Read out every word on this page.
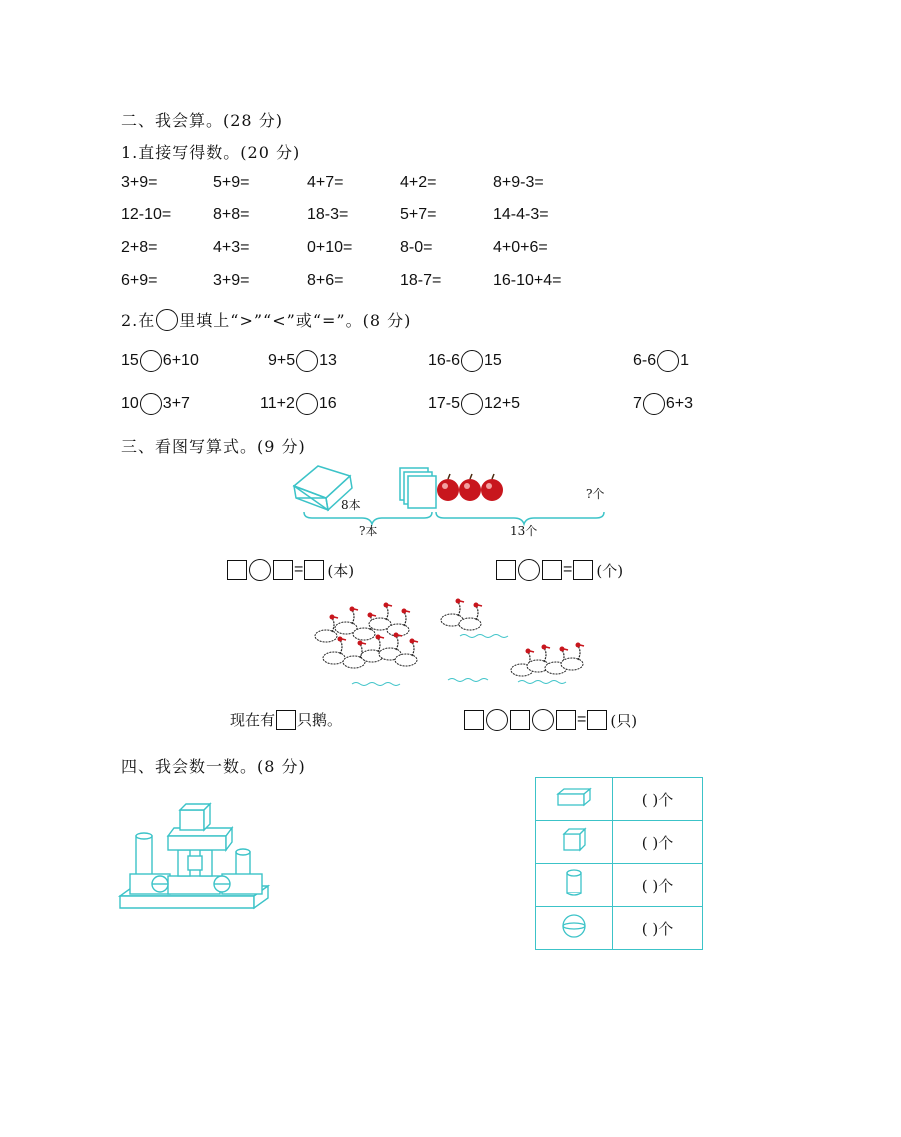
二、我会算。(28 分)
1.直接写得数。(20 分)
3+9=	5+9=	4+7=	4+2=	8+9-3=
12-10=	8+8=	18-3=	5+7=	14-4-3=
2+8=	4+3=	0+10=	8-0=	4+0+6=
6+9=	3+9=	8+6=	18-7=	16-10+4=
2.在 里填上“>”“<”或“=”。(8 分)
15 6+10	9+5 13	16-6 15	6-6 1
10 3+7	11+2 16	17-5 12+5	7 6+3
三、看图写算式。(9 分)
8本
?本	13个
?个
= (本)	= (个)
现在有 只鹅。	= (只)
四、我会数一数。(8 分)
	( )个
	( )个
	( )个
	( )个
